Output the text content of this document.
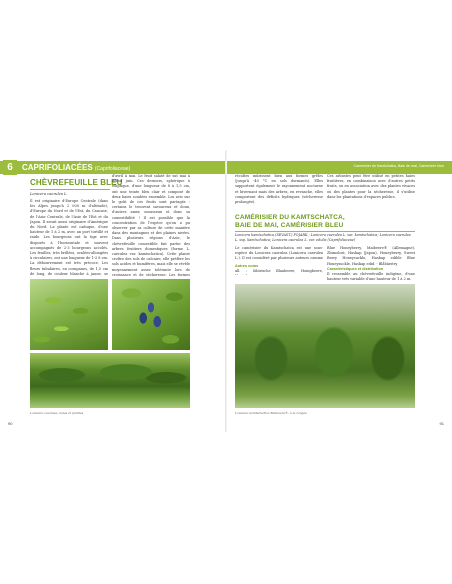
6	CAPRIFOLIACÉES (Caprifoliaceae)	Camerisier du Kamtchatka, Baie de mai, Camerisier bleu
CHÈVREFEUILLE BLEU
Lonicera caerulea L.
Il est originaire d'Europe Centrale (dans les Alpes jusqu'à 2 000 m d'altitude), d'Europe du Nord et de l'Est, du Caucase, de l'Asie Centrale, de l'Asie de l'Est et du Japon. Il serait aussi originaire d'Amérique du Nord. La plante est caduque, d'une hauteur de 1 à 2 m, avec un port tortillé et raide. Les bourgeons ont la tige avec disposés à l'horizontale et souvent accompagnés de 2-3 bourgeons accolés. Les feuilles, très brillées, ovalées-allongées à circulaires, ont une longueur de 1-3 8 cm. La débourrement est très précoce. Les fleurs tubulaires, en cornpanes, de 1,5 cm de long, de couleur blanche à jaune, se
d'avril à mai. Le fruit salaté de sut mai à début juin. Ces derniers, sphérique à elliptique, d'une longueur de 8 à 1,5 cm, ont une teinte bleu clair et composé de deux baies soudées ensemble. Les avis sur le goût de ces fruits sont partagés : certains le trouvent savoureux et doux, d'autres amer, mousseux et donc sa comestibilité ! Il est possible que la concentration de l'espèce qu'on a pu observer par sa culture de cette manière dans des montagnes et des plaines nivées. Dans plusieurs régions d'Asie, le chèvrefeuille comestible fait partie des arbres fruitiers domestiques (forme L. caerulea var. kamtschatica). Cette plante croître des sols de calcaire, elle préfère les sols acides et humifères, mais elle se révèle moyennement assez tolérante lors de croissance et de sécheresse. Les formes
Lonicera caerulea, baies et feuilles
90
récoltes mûrissent bien aux formes grêles (jusqu'à -40 °C en sols dormants). Elles supportent également le rayonnement nocturne et hivernant mais des arbres, en revanche, elles comportent des déficits hydriques (sécheresse prolongée).
Ces arbustes peut être utilisé en petites haies fruitières, en combinaison avec d'autres petits fruits, ou en association avec des plantes vivaces ou des plantes pour la sécheresse, il s'utilise dans les plantations d'espaces publics.
CAMÉRISIER DU KAMTSCHATCA,
BAIE DE MAI, CAMÉRISIER BLEU
Lonicera kamtschatica (SEVAST.) POJARK.; Lonicera caerulea L. var. kamtschatica; Lonicera caerulea L. ssp. kamtschatica; Lonicera caerulea L. var. edulis (Caprifoliaceae)
Le camérisier du Kamtschatca est une sous-espèce du Lonicera caerulea (Lonicera caerulea L.). Il est considéré par plusieurs auteurs comme
Blue Honeyberry, Maibeere® (Allemagne), Zhimolost, Haskap (Japon), Honeyberry, Sweet Berry Honeysuckle, Haskap edible Blue Honeysuckle, Haskap edid. - Blåbärstry
Autres noms
all. : Sibirische Blaubeere, Honigbeere, Caractéristiques et distribution
Il ressemble au chèvrefeuille indigène, d'une hauteur très variable d'une hauteur de 1 à 2 m.
Lonicera kamtschatica Maibeere®, à la rangée
91
